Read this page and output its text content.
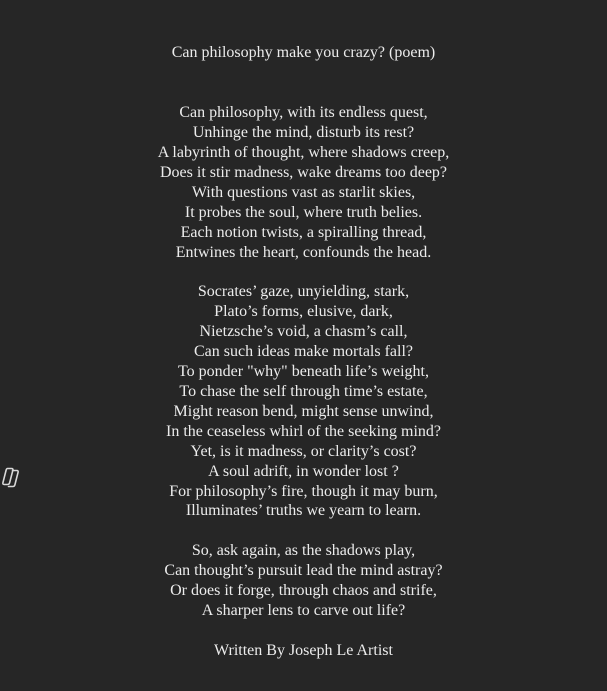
Can philosophy make you crazy? (poem)
Can philosophy, with its endless quest,
Unhinge the mind, disturb its rest?
A labyrinth of thought, where shadows creep,
Does it stir madness, wake dreams too deep?
With questions vast as starlit skies,
It probes the soul, where truth belies.
Each notion twists, a spiralling thread,
Entwines the heart, confounds the head.
Socrates’ gaze, unyielding, stark,
Plato’s forms, elusive, dark,
Nietzsche’s void, a chasm’s call,
Can such ideas make mortals fall?
To ponder "why" beneath life’s weight,
To chase the self through time’s estate,
Might reason bend, might sense unwind,
In the ceaseless whirl of the seeking mind?
Yet, is it madness, or clarity’s cost?
A soul adrift, in wonder lost ?
For philosophy’s fire, though it may burn,
Illuminates’ truths we yearn to learn.
So, ask again, as the shadows play,
Can thought’s pursuit lead the mind astray?
Or does it forge, through chaos and strife,
A sharper lens to carve out life?
Written By Joseph Le Artist
